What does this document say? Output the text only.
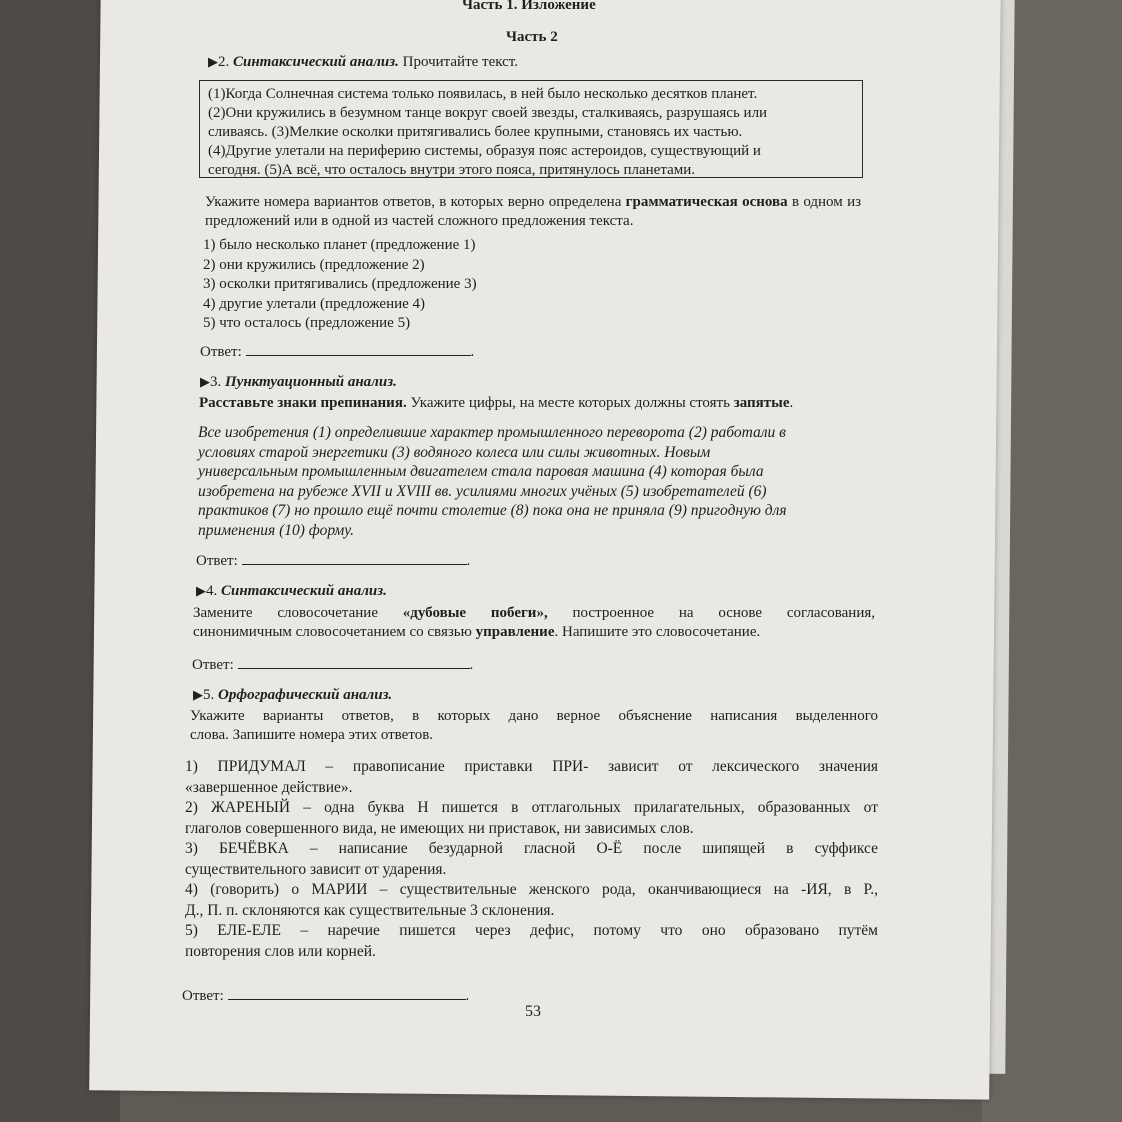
Часть 1. Изложение
Часть 2
▶2. Синтаксический анализ. Прочитайте текст.
(1)Когда Солнечная система только появилась, в ней было несколько десятков планет.
(2)Они кружились в безумном танце вокруг своей звезды, сталкиваясь, разрушаясь или
сливаясь. (3)Мелкие осколки притягивались более крупными, становясь их частью.
(4)Другие улетали на периферию системы, образуя пояс астероидов, существующий и
сегодня. (5)А всё, что осталось внутри этого пояса, притянулось планетами.
Укажите номера вариантов ответов, в которых верно определена грамматическая основа в одном из предложений или в одной из частей сложного предложения текста.
1) было несколько планет (предложение 1)
2) они кружились (предложение 2)
3) осколки притягивались (предложение 3)
4) другие улетали (предложение 4)
5) что осталось (предложение 5)
Ответ:	.
▶3. Пунктуационный анализ.
Расставьте знаки препинания. Укажите цифры, на месте которых должны стоять запятые.
Все изобретения (1) определившие характер промышленного переворота (2) работали в
условиях старой энергетики (3) водяного колеса или силы животных. Новым
универсальным промышленным двигателем стала паровая машина (4) которая была
изобретена на рубеже XVII и XVIII вв. усилиями многих учёных (5) изобретателей (6)
практиков (7) но прошло ещё почти столетие (8) пока она не приняла (9) пригодную для
применения (10) форму.
Ответ:	.
▶4. Синтаксический анализ.
Замените словосочетание «дубовые побеги», построенное на основе согласования,
синонимичным словосочетанием со связью управление. Напишите это словосочетание.
Ответ:	.
▶5. Орфографический анализ.
Укажите варианты ответов, в которых дано верное объяснение написания выделенного
слова. Запишите номера этих ответов.
1) ПРИДУМАЛ – правописание приставки ПРИ- зависит от лексического значения
«завершенное действие».
2) ЖАРЕНЫЙ – одна буква Н пишется в отглагольных прилагательных, образованных от
глаголов совершенного вида, не имеющих ни приставок, ни зависимых слов.
3) БЕЧЁВКА – написание безударной гласной О-Ё после шипящей в суффиксе
существительного зависит от ударения.
4) (говорить) о МАРИИ – существительные женского рода, оканчивающиеся на -ИЯ, в Р.,
Д., П. п. склоняются как существительные 3 склонения.
5) ЕЛЕ-ЕЛЕ – наречие пишется через дефис, потому что оно образовано путём
повторения слов или корней.
Ответ:	.
53
